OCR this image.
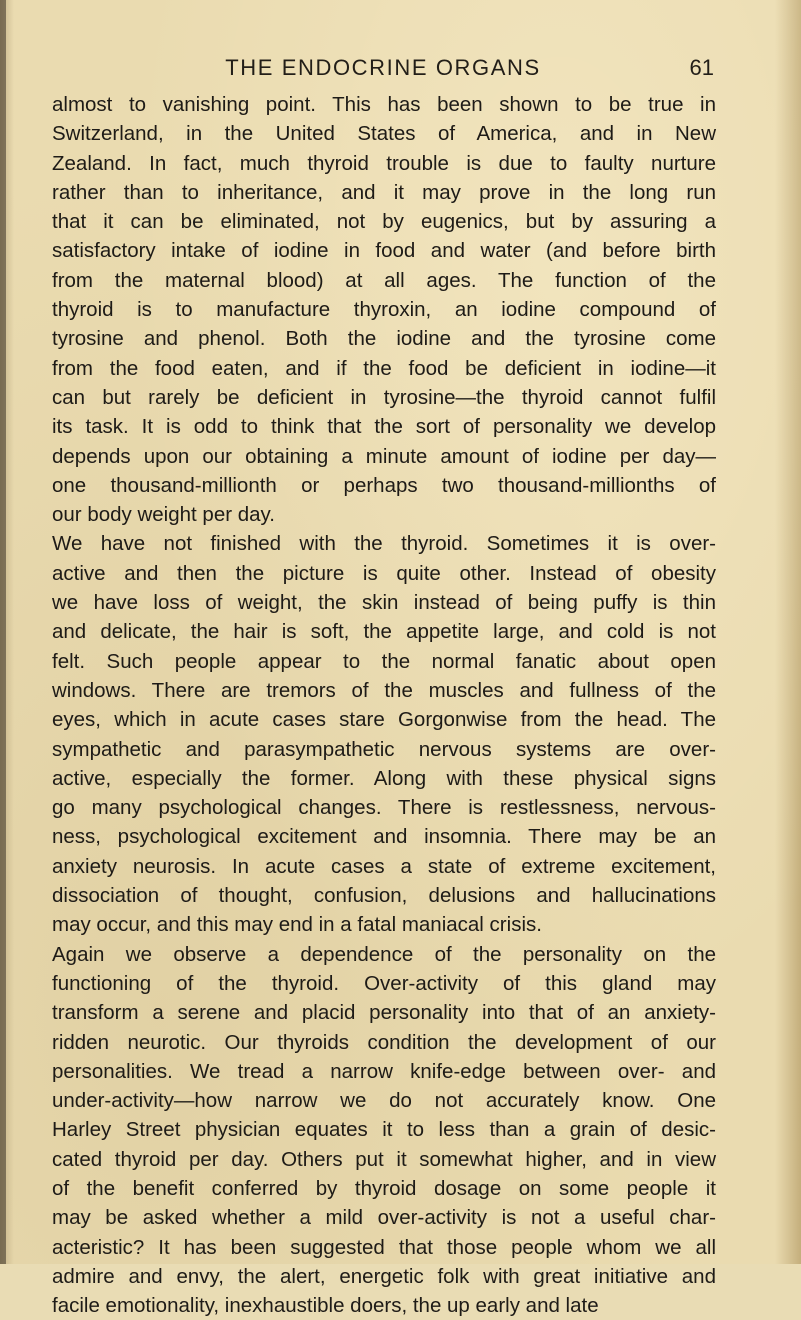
THE ENDOCRINE ORGANS	61
almost to vanishing point. This has been shown to be true in
Switzerland, in the United States of America, and in New
Zealand. In fact, much thyroid trouble is due to faulty nurture
rather than to inheritance, and it may prove in the long run
that it can be eliminated, not by eugenics, but by assuring a
satisfactory intake of iodine in food and water (and before birth
from the maternal blood) at all ages. The function of the
thyroid is to manufacture thyroxin, an iodine compound of
tyrosine and phenol. Both the iodine and the tyrosine come
from the food eaten, and if the food be deficient in iodine—it
can but rarely be deficient in tyrosine—the thyroid cannot fulfil
its task. It is odd to think that the sort of personality we develop
depends upon our obtaining a minute amount of iodine per day—
one thousand-millionth or perhaps two thousand-millionths of
our body weight per day.
We have not finished with the thyroid. Sometimes it is over-
active and then the picture is quite other. Instead of obesity
we have loss of weight, the skin instead of being puffy is thin
and delicate, the hair is soft, the appetite large, and cold is not
felt. Such people appear to the normal fanatic about open
windows. There are tremors of the muscles and fullness of the
eyes, which in acute cases stare Gorgonwise from the head. The
sympathetic and parasympathetic nervous systems are over-
active, especially the former. Along with these physical signs
go many psychological changes. There is restlessness, nervous-
ness, psychological excitement and insomnia. There may be an
anxiety neurosis. In acute cases a state of extreme excitement,
dissociation of thought, confusion, delusions and hallucinations
may occur, and this may end in a fatal maniacal crisis.
Again we observe a dependence of the personality on the
functioning of the thyroid. Over-activity of this gland may
transform a serene and placid personality into that of an anxiety-
ridden neurotic. Our thyroids condition the development of our
personalities. We tread a narrow knife-edge between over- and
under-activity—how narrow we do not accurately know. One
Harley Street physician equates it to less than a grain of desic-
cated thyroid per day. Others put it somewhat higher, and in view
of the benefit conferred by thyroid dosage on some people it
may be asked whether a mild over-activity is not a useful char-
acteristic? It has been suggested that those people whom we all
admire and envy, the alert, energetic folk with great initiative and
facile emotionality, inexhaustible doers, the up early and late
